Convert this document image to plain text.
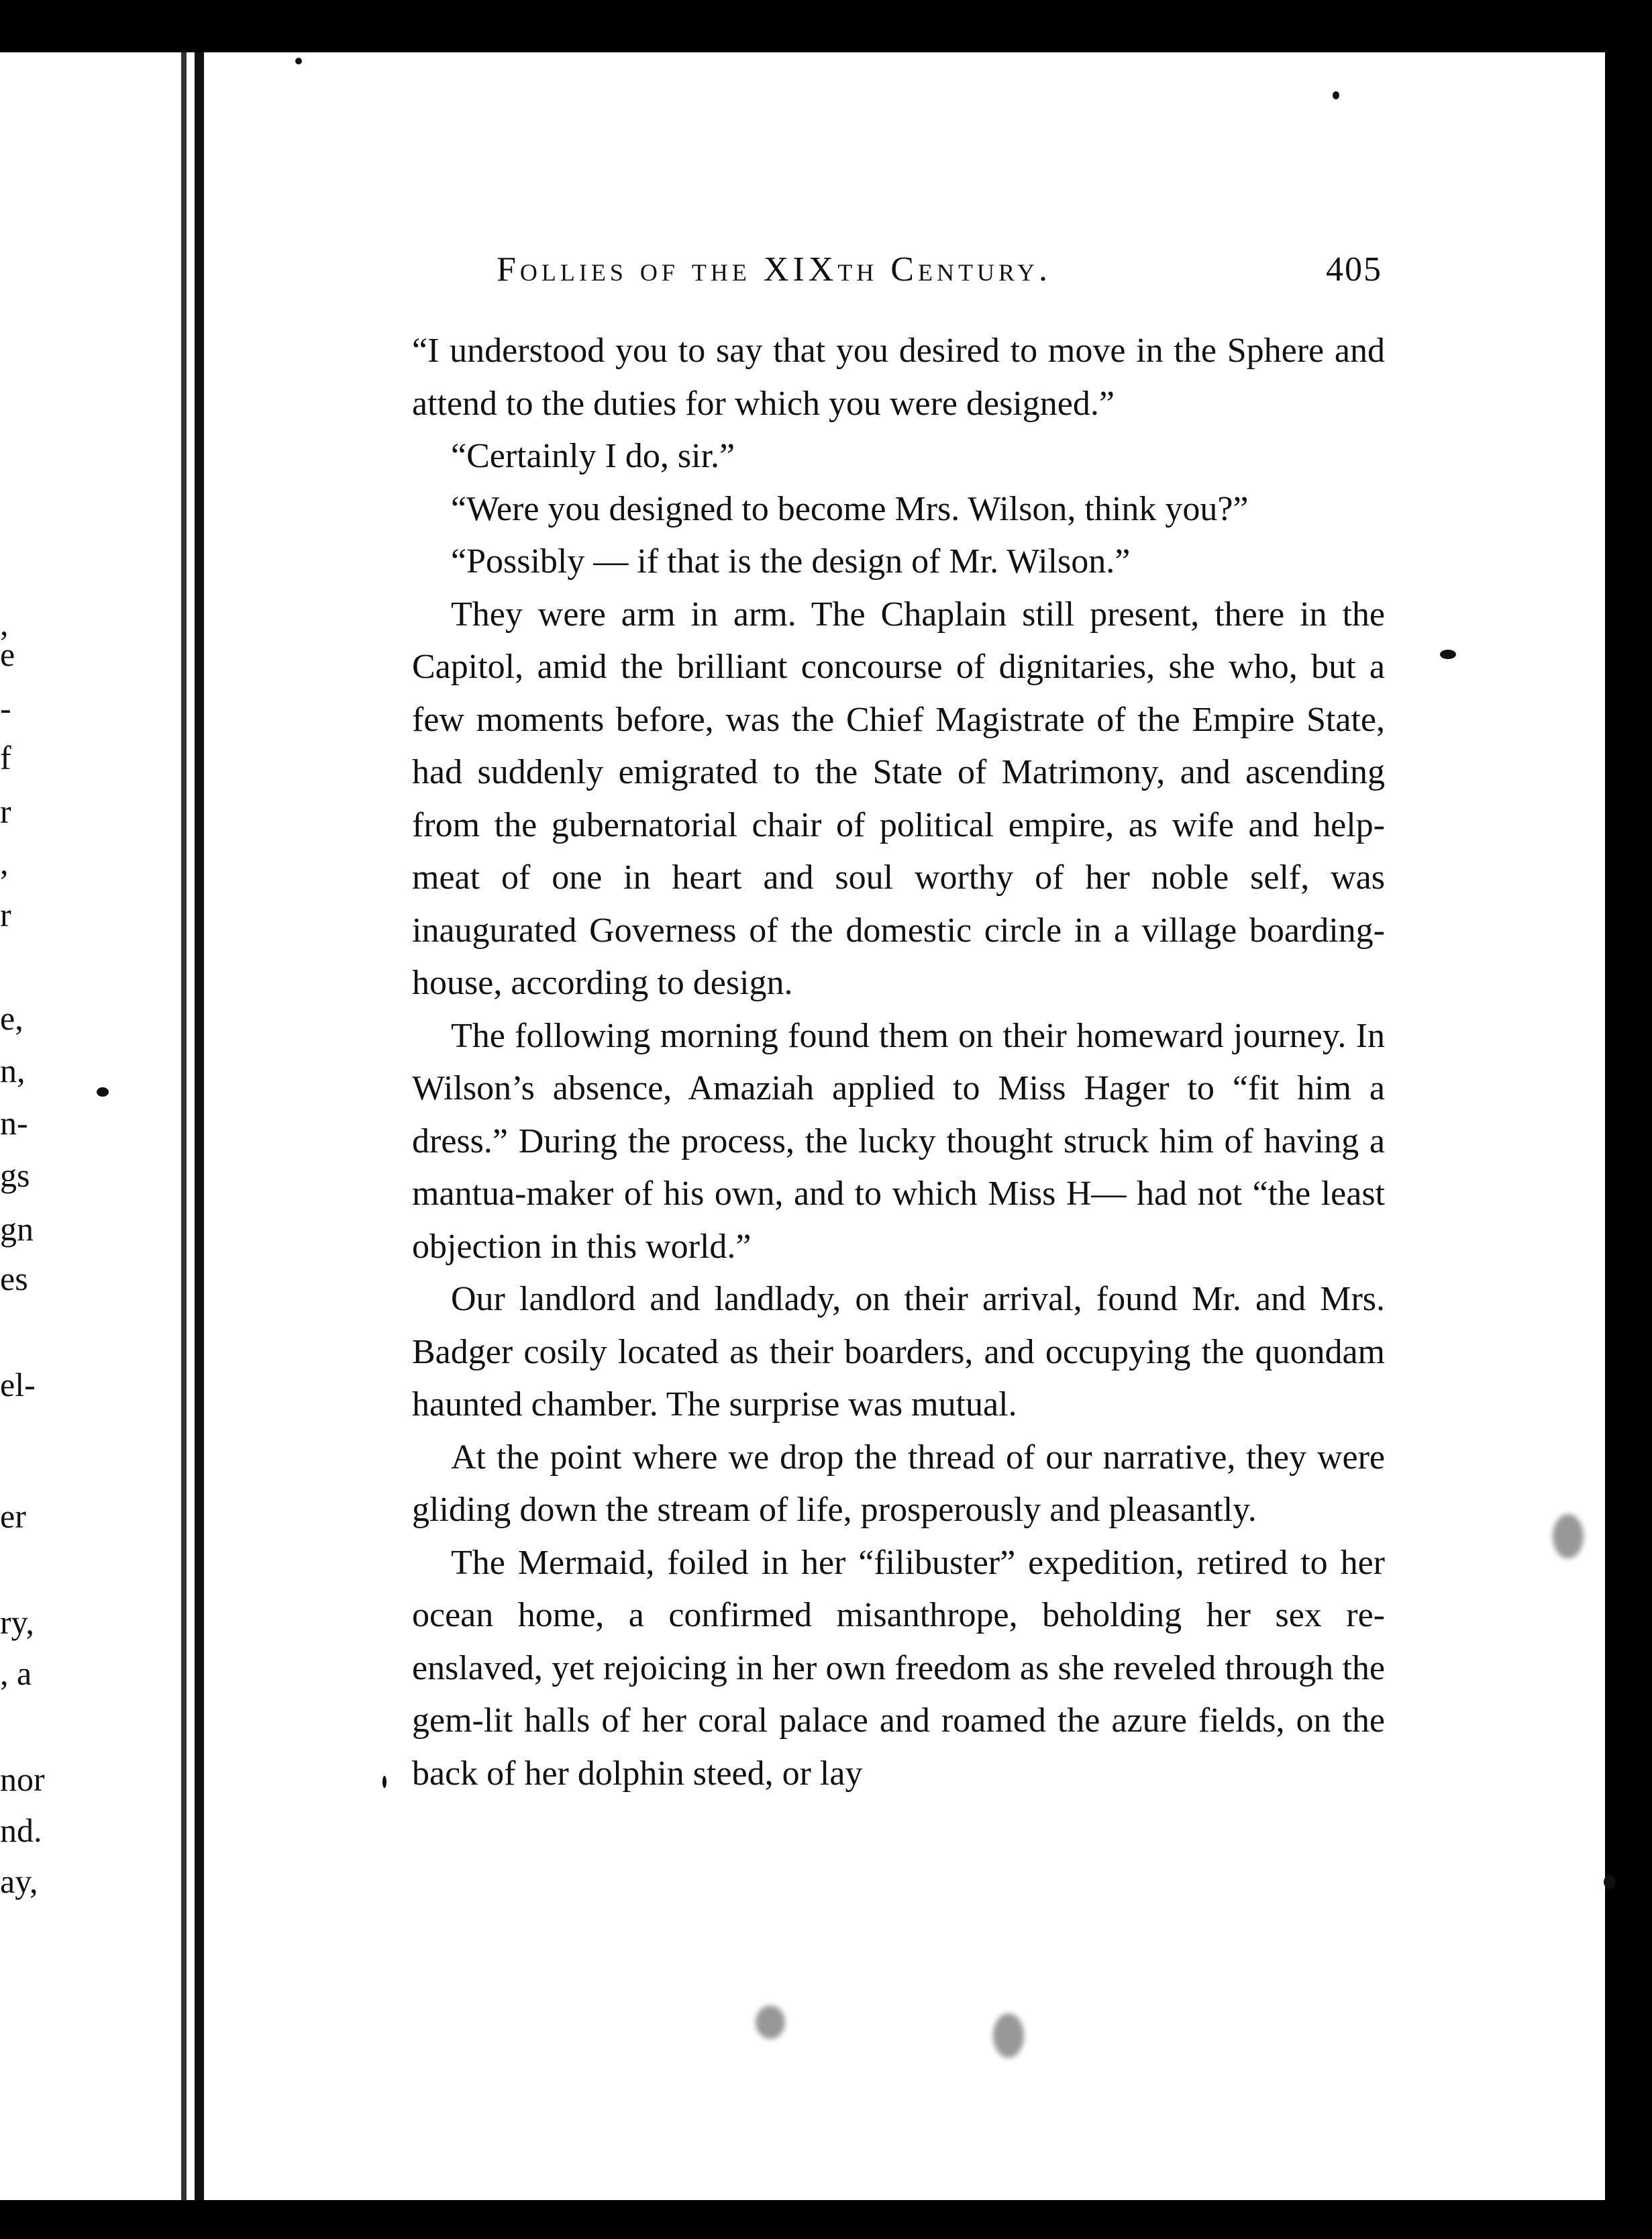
,
e
-
f
r
,
r
e,
n,
n-
gs
gn
es
el-
er
ry,
, a
nor
nd.
ay,
Follies of the XIXth Century.	405

“I understood you to say that you desired to move in the Sphere and attend to the duties for which you were designed.”

“Certainly I do, sir.”

“Were you designed to become Mrs. Wilson, think you?”

“Possibly — if that is the design of Mr. Wilson.”

They were arm in arm. The Chaplain still present, there in the Capitol, amid the brilliant concourse of dignitaries, she who, but a few moments before, was the Chief Magistrate of the Empire State, had suddenly emigrated to the State of Matrimony, and ascending from the gubernatorial chair of political empire, as wife and help-meat of one in heart and soul worthy of her noble self, was inaugurated Governess of the domestic circle in a village boarding-house, according to design.

The following morning found them on their homeward journey. In Wilson’s absence, Amaziah applied to Miss Hager to “fit him a dress.” During the process, the lucky thought struck him of having a mantua-maker of his own, and to which Miss H— had not “the least objection in this world.”

Our landlord and landlady, on their arrival, found Mr. and Mrs. Badger cosily located as their boarders, and occupying the quondam haunted chamber. The surprise was mutual.

At the point where we drop the thread of our narrative, they were gliding down the stream of life, prosperously and pleasantly.

The Mermaid, foiled in her “filibuster” expedition, retired to her ocean home, a confirmed misanthrope, beholding her sex re-enslaved, yet rejoicing in her own freedom as she reveled through the gem-lit halls of her coral palace and roamed the azure fields, on the back of her dolphin steed, or lay
